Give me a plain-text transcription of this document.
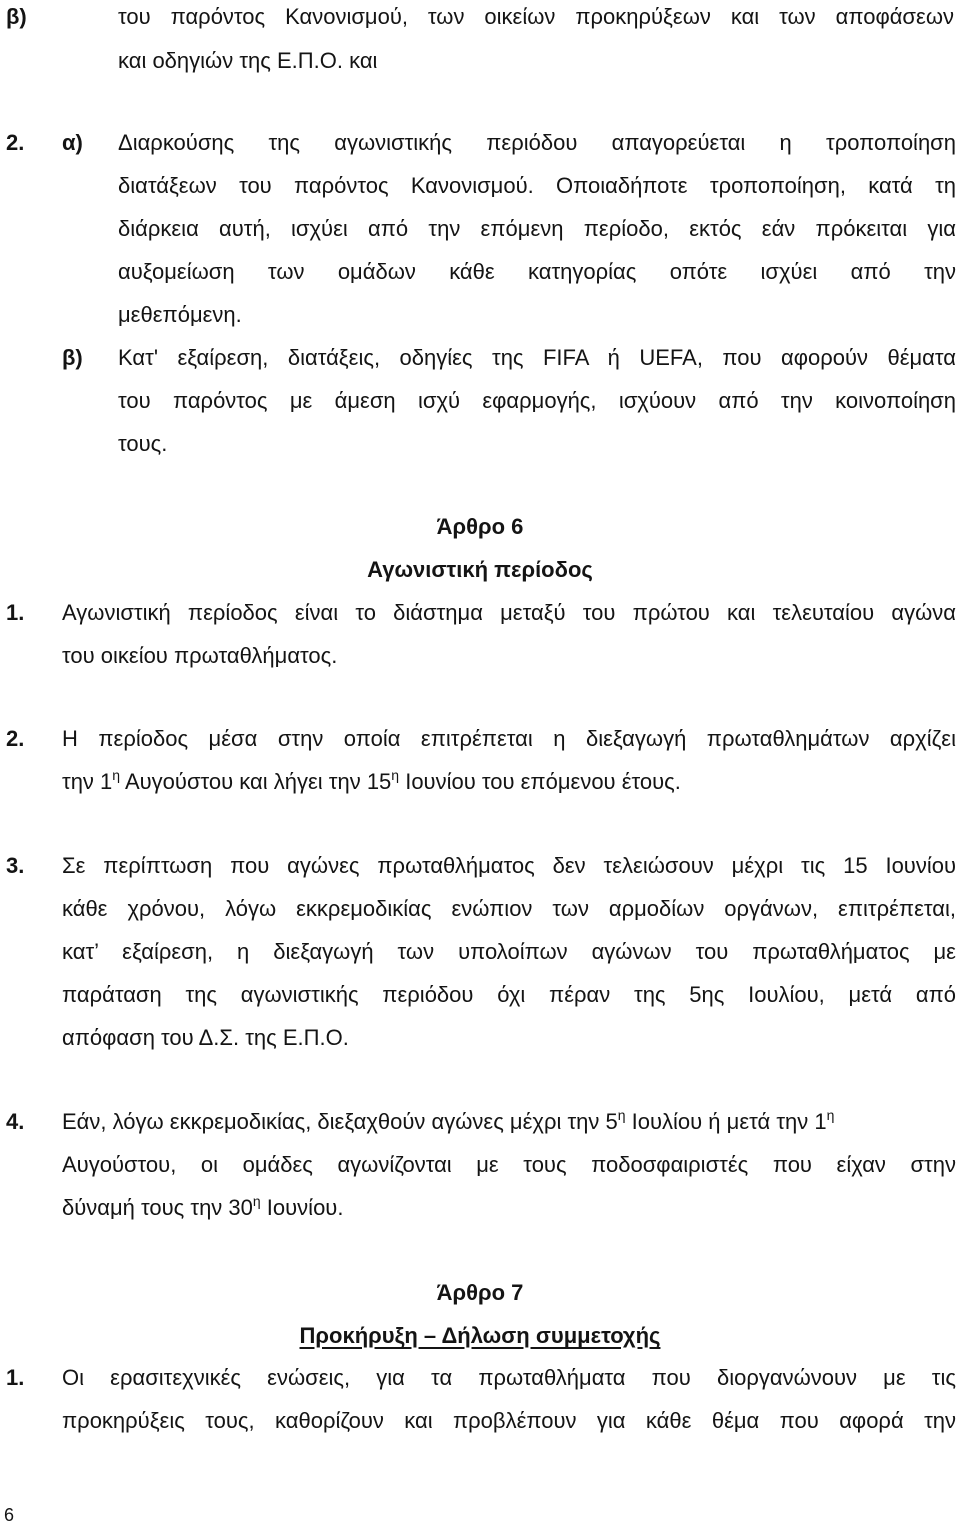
β)	του παρόντος Κανονισμού, των οικείων προκηρύξεων και των αποφάσεων
και οδηγιών της Ε.Π.Ο. και
2. α) Διαρκούσης της αγωνιστικής περιόδου απαγορεύεται η τροποποίηση
διατάξεων του παρόντος Κανονισμού. Οποιαδήποτε τροποποίηση, κατά τη
διάρκεια αυτή, ισχύει από την επόμενη περίοδο, εκτός εάν πρόκειται για
αυξομείωση των ομάδων κάθε κατηγορίας οπότε ισχύει από την
μεθεπόμενη.
β) Κατ' εξαίρεση, διατάξεις, οδηγίες της FIFA ή UEFA, που αφορούν θέματα
του παρόντος με άμεση ισχύ εφαρμογής, ισχύουν από την κοινοποίηση
τους.
Άρθρο 6
Αγωνιστική περίοδος
1. Αγωνιστική περίοδος είναι το διάστημα μεταξύ του πρώτου και τελευταίου αγώνα
του οικείου πρωταθλήματος.
2. Η περίοδος μέσα στην οποία επιτρέπεται η διεξαγωγή πρωταθλημάτων αρχίζει
την $1^\eta$ Αυγούστου και λήγει την $15^\eta$ Ιουνίου του επόμενου έτους.
3. Σε περίπτωση που αγώνες πρωταθλήματος δεν τελειώσουν μέχρι τις 15 Ιουνίου
κάθε χρόνου, λόγω εκκρεμοδικίας ενώπιον των αρμοδίων οργάνων, επιτρέπεται,
κατ’ εξαίρεση, η διεξαγωγή των υπολοίπων αγώνων του πρωταθλήματος με
παράταση της αγωνιστικής περιόδου όχι πέραν της 5ης Ιουλίου, μετά από
απόφαση του Δ.Σ. της Ε.Π.Ο.
4. Εάν, λόγω εκκρεμοδικίας, διεξαχθούν αγώνες μέχρι την $5^\eta$ Ιουλίου ή μετά την $1^\eta$
Αυγούστου, οι ομάδες αγωνίζονται με τους ποδοσφαιριστές που είχαν στην
δύναμή τους την $30^\eta$ Ιουνίου.
Άρθρο 7
Προκήρυξη – Δήλωση συμμετοχής
1. Οι ερασιτεχνικές ενώσεις, για τα πρωταθλήματα που διοργανώνουν με τις
προκηρύξεις τους, καθορίζουν και προβλέπουν για κάθε θέμα που αφορά την
6
